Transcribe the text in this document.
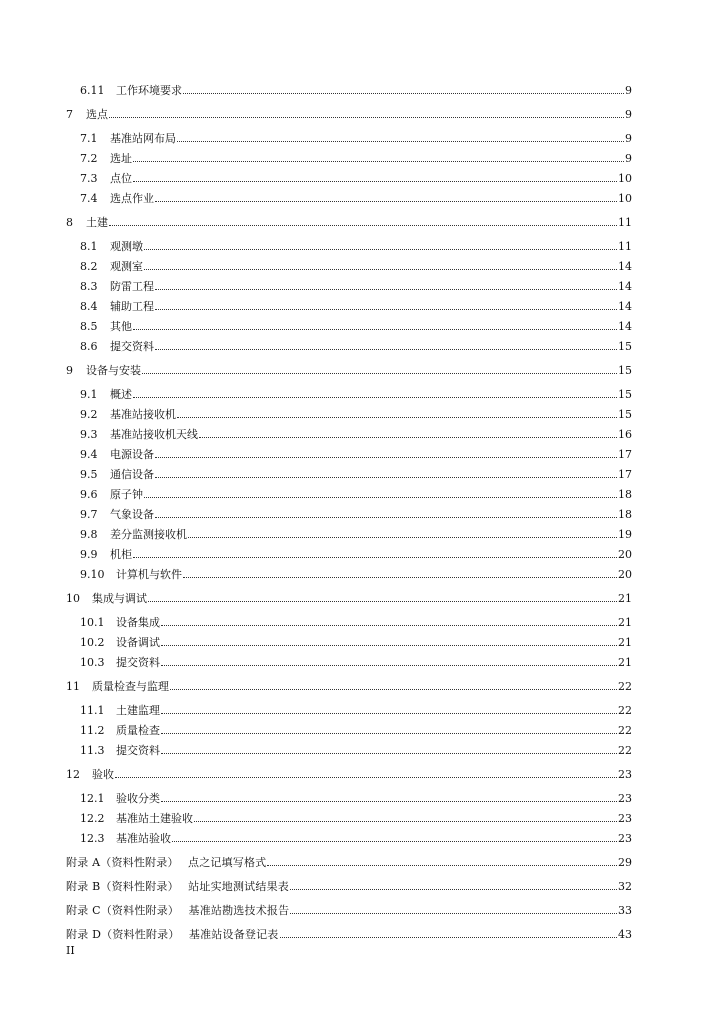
6.11	工作环境要求	9
7	选点	9
7.1	基准站网布局	9
7.2	选址	9
7.3	点位	10
7.4	选点作业	10
8	土建	11
8.1	观测墩	11
8.2	观测室	14
8.3	防雷工程	14
8.4	辅助工程	14
8.5	其他	14
8.6	提交资料	15
9	设备与安装	15
9.1	概述	15
9.2	基准站接收机	15
9.3	基准站接收机天线	16
9.4	电源设备	17
9.5	通信设备	17
9.6	原子钟	18
9.7	气象设备	18
9.8	差分监测接收机	19
9.9	机柜	20
9.10	计算机与软件	20
10	集成与调试	21
10.1	设备集成	21
10.2	设备调试	21
10.3	提交资料	21
11	质量检查与监理	22
11.1	土建监理	22
11.2	质量检查	22
11.3	提交资料	22
12	验收	23
12.1	验收分类	23
12.2	基准站土建验收	23
12.3	基准站验收	23
附录 A（资料性附录）　 点之记填写格式	29
附录 B（资料性附录）　 站址实地测试结果表	32
附录 C（资料性附录）　 基准站勘选技术报告	33
附录 D（资料性附录）　 基准站设备登记表	43
II
